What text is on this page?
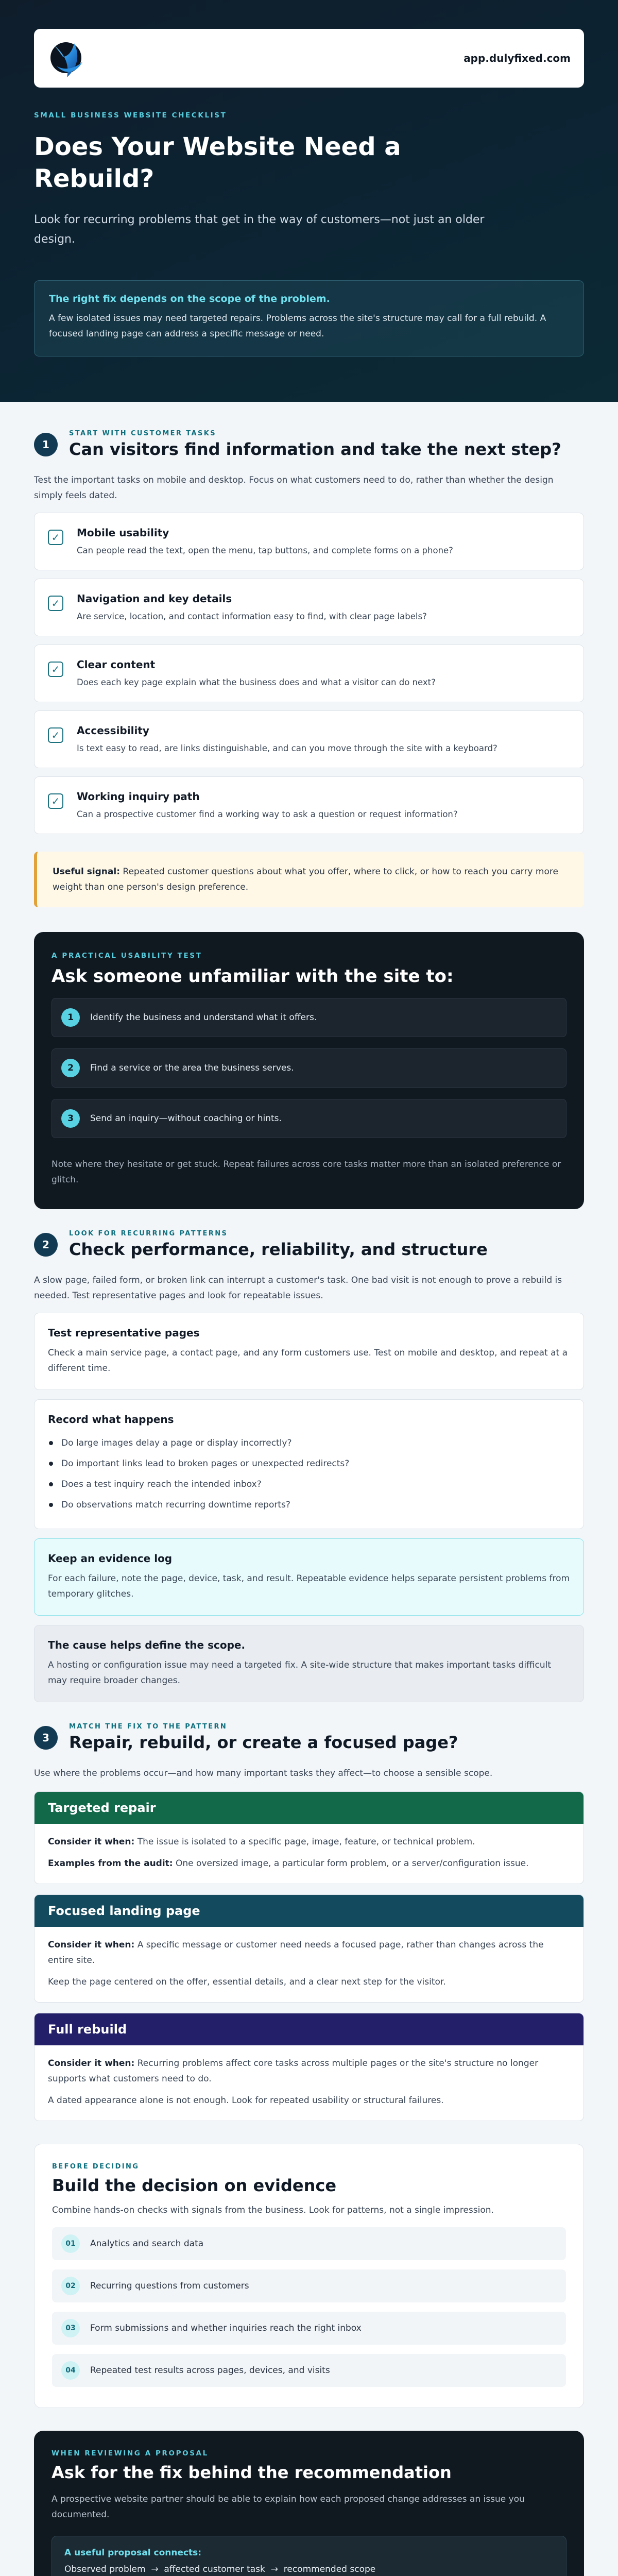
app.dulyfixed.com
SMALL BUSINESS WEBSITE CHECKLIST
Does Your Website Need a Rebuild?

Look for recurring problems that get in the way of customers—not just an older design.

The right fix depends on the scope of the problem.
A few isolated issues may need targeted repairs. Problems across the site's structure may call for a full rebuild. A focused landing page can address a specific message or need.
1
START WITH CUSTOMER TASKS
Can visitors find information and take the next step?

Test the important tasks on mobile and desktop. Focus on what customers need to do, rather than whether the design simply feels dated.

✓	Mobile usability
Can people read the text, open the menu, tap buttons, and complete forms on a phone?
✓	Navigation and key details
Are service, location, and contact information easy to find, with clear page labels?
✓	Clear content
Does each key page explain what the business does and what a visitor can do next?
✓	Accessibility
Is text easy to read, are links distinguishable, and can you move through the site with a keyboard?
✓	Working inquiry path
Can a prospective customer find a working way to ask a question or request information?
Useful signal: Repeated customer questions about what you offer, where to click, or how to reach you carry more weight than one person's design preference.
A PRACTICAL USABILITY TEST
Ask someone unfamiliar with the site to:
1	Identify the business and understand what it offers.
2	Find a service or the area the business serves.
3	Send an inquiry—without coaching or hints.

Note where they hesitate or get stuck. Repeat failures across core tasks matter more than an isolated preference or glitch.

2
LOOK FOR RECURRING PATTERNS
Check performance, reliability, and structure

A slow page, failed form, or broken link can interrupt a customer's task. One bad visit is not enough to prove a rebuild is needed. Test representative pages and look for repeatable issues.

Test representative pages
Check a main service page, a contact page, and any form customers use. Test on mobile and desktop, and repeat at a different time.
Record what happens
Do large images delay a page or display incorrectly?
Do important links lead to broken pages or unexpected redirects?
Does a test inquiry reach the intended inbox?
Do observations match recurring downtime reports?
Keep an evidence log
For each failure, note the page, device, task, and result. Repeatable evidence helps separate persistent problems from temporary glitches.
The cause helps define the scope.
A hosting or configuration issue may need a targeted fix. A site-wide structure that makes important tasks difficult may require broader changes.
3
MATCH THE FIX TO THE PATTERN
Repair, rebuild, or create a focused page?

Use where the problems occur—and how many important tasks they affect—to choose a sensible scope.

Targeted repair

Consider it when: The issue is isolated to a specific page, image, feature, or technical problem.

Examples from the audit: One oversized image, a particular form problem, or a server/configuration issue.

Focused landing page

Consider it when: A specific message or customer need needs a focused page, rather than changes across the entire site.

Keep the page centered on the offer, essential details, and a clear next step for the visitor.

Full rebuild

Consider it when: Recurring problems affect core tasks across multiple pages or the site's structure no longer supports what customers need to do.

A dated appearance alone is not enough. Look for repeated usability or structural failures.

BEFORE DECIDING
Build the decision on evidence

Combine hands-on checks with signals from the business. Look for patterns, not a single impression.

01	Analytics and search data
02	Recurring questions from customers
03	Form submissions and whether inquiries reach the right inbox
04	Repeated test results across pages, devices, and visits
WHEN REVIEWING A PROPOSAL
Ask for the fix behind the recommendation

A prospective website partner should be able to explain how each proposed change addresses an issue you documented.

A useful proposal connects:
Observed problem  →  affected customer task  →  recommended scope
